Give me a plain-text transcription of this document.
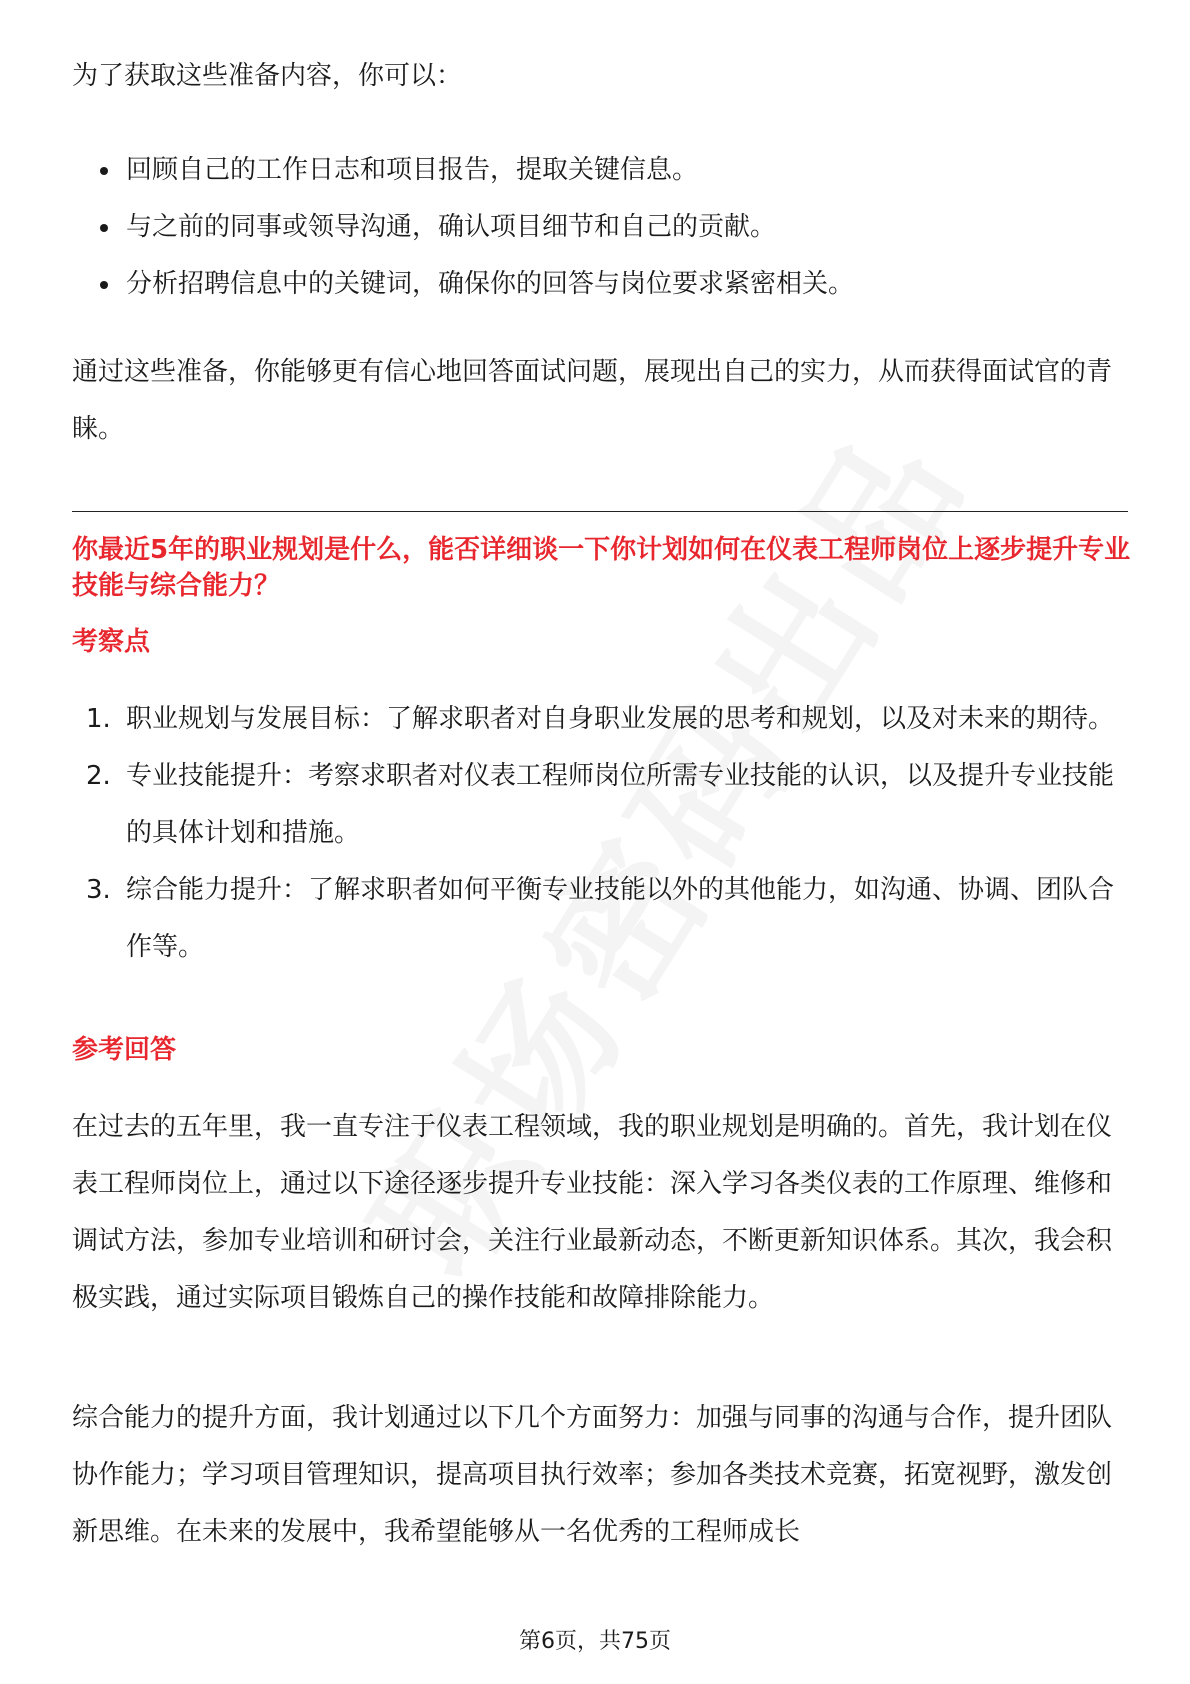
为了获取这些准备内容，你可以：

回顾自己的工作日志和项目报告，提取关键信息。
与之前的同事或领导沟通，确认项目细节和自己的贡献。
分析招聘信息中的关键词，确保你的回答与岗位要求紧密相关。

通过这些准备，你能够更有信心地回答面试问题，展现出自己的实力，从而获得面试官的青睐。

你最近5年的职业规划是什么，能否详细谈一下你计划如何在仪表工程师岗位上逐步提升专业技能与综合能力？

考察点

1. 职业规划与发展目标：了解求职者对自身职业发展的思考和规划，以及对未来的期待。
2. 专业技能提升：考察求职者对仪表工程师岗位所需专业技能的认识，以及提升专业技能的具体计划和措施。
3. 综合能力提升：了解求职者如何平衡专业技能以外的其他能力，如沟通、协调、团队合作等。

参考回答

在过去的五年里，我一直专注于仪表工程领域，我的职业规划是明确的。首先，我计划在仪表工程师岗位上，通过以下途径逐步提升专业技能：深入学习各类仪表的工作原理、维修和调试方法，参加专业培训和研讨会，关注行业最新动态，不断更新知识体系。其次，我会积极实践，通过实际项目锻炼自己的操作技能和故障排除能力。

综合能力的提升方面，我计划通过以下几个方面努力：加强与同事的沟通与合作，提升团队协作能力；学习项目管理知识，提高项目执行效率；参加各类技术竞赛，拓宽视野，激发创新思维。在未来的发展中，我希望能够从一名优秀的工程师成长

第6页，共75页
